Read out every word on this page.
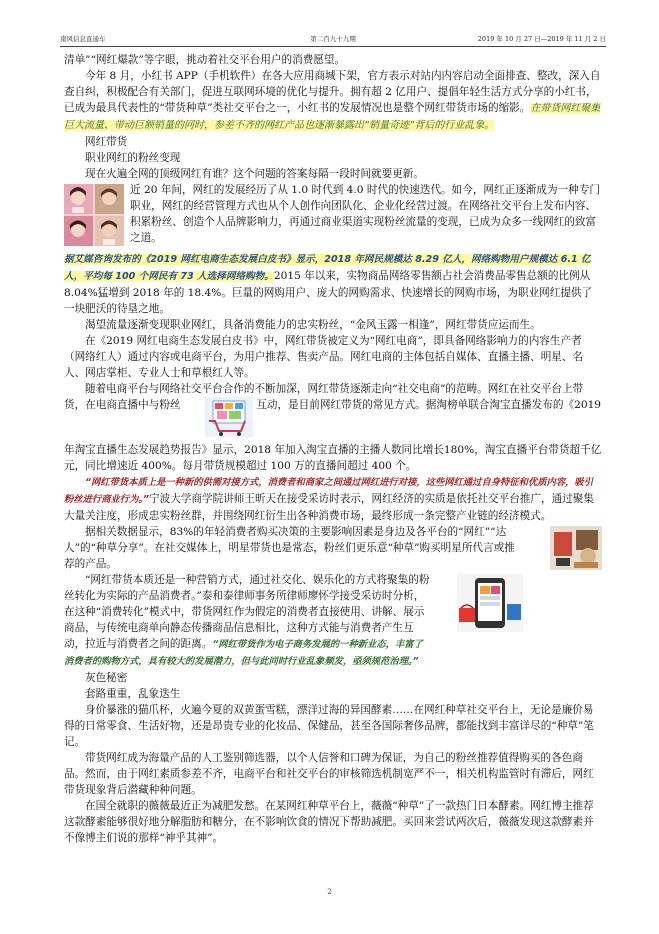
南风信息直通车	第二百九十九期	2019 年 10 月 27 日—2019 年 11 月 2 日

清单”“网红爆款”等字眼，挑动着社交平台用户的消费愿望。

今年 8 月，小红书 APP（手机软件）在各大应用商城下架，官方表示对站内内容启动全面排查、整改，深入自查自纠，积极配合有关部门，促进互联网环境的优化与提升。拥有超 2 亿用户、提倡年轻生活方式分享的小红书，已成为最具代表性的“带货种草”类社交平台之一，小红书的发展情况也是整个网红带货市场的缩影。在带货网红聚集巨大流量、带动巨额销量的同时，参差不齐的网红产品也逐渐暴露出“销量奇迹”背后的行业乱象。

网红带货

职业网红的粉丝变现

现在火遍全网的顶级网红有谁？这个问题的答案每隔一段时间就要更新。

近 20 年间，网红的发展经历了从 1.0 时代到 4.0 时代的快速迭代。如今，网红正逐渐成为一种专门职业，网红的经营管理方式也从个人创作向团队化、企业化经营过渡。在网络社交平台上发布内容、积累粉丝、创造个人品牌影响力，再通过商业渠道实现粉丝流量的变现，已成为众多一线网红的致富之道。

据艾媒咨询发布的《2019 网红电商生态发展白皮书》显示，2018 年网民规模达 8.29 亿人，网络购物用户规模达 6.1 亿人，平均每 100 个网民有 73 人选择网络购物。2015 年以来，实物商品网络零售额占社会消费品零售总额的比例从 8.04%猛增到 2018 年的 18.4%。巨量的网购用户、庞大的网购需求、快速增长的网购市场，为职业网红提供了一块肥沃的待垦之地。

渴望流量逐渐变现职业网红，具备消费能力的忠实粉丝，“金风玉露一相逢”，网红带货应运而生。

在《2019 网红电商生态发展白皮书》中，网红带货被定义为“网红电商”，即具备网络影响力的内容生产者（网络红人）通过内容或电商平台，为用户推荐、售卖产品。网红电商的主体包括自媒体、直播主播、明星、名人、网店掌柜、专业人士和草根红人等。

随着电商平台与网络社交平台合作的不断加深，网红带货逐渐走向“社交电商”的范畴。网红在社交平台上带货，在电商直播中与粉丝	互动，是目前网红带货的常见方式。据淘榜单联合淘宝直播发布的《2019 年淘宝直播生态发展趋势报告》显示，2018 年加入淘宝直播的主播人数同比增长180%，淘宝直播平台带货超千亿元，同比增速近 400%。每月带货规模超过 100 万的直播间超过 400 个。

“网红带货本质上是一种新的供需对接方式，消费者和商家之间通过网红进行对接，这些网红通过自身特征和优质内容，吸引粉丝进行商业行为。”宁波大学商学院讲师王昕天在接受采访时表示，网红经济的实质是依托社交平台推广，通过聚集大量关注度，形成忠实粉丝群，并围绕网红衍生出各种消费市场，最终形成一条完整产业链的经济模式。

据相关数据显示，83%的年轻消费者购买决策的主要影响因素是身边及各平台的“网红”“达人”的“种草分享”。在社交媒体上，明星带货也是常态，粉丝们更乐意“种草”购买明星所代言或推荐的产品。

“网红带货本质还是一种营销方式，通过社交化、娱乐化的方式将聚集的粉丝转化为实际的产品消费者。”泰和泰律师事务所律师廖怀学接受采访时分析，在这种“消费转化”模式中，带货网红作为假定的消费者直接使用、讲解、展示商品，与传统电商单向静态传播商品信息相比，这种方式能与消费者产生互动，拉近与消费者之间的距离。“网红带货作为电子商务发展的一种新业态，丰富了消费者的购物方式，具有较大的发展潜力，但与此同时行业乱象频发，亟须规范治理。”

灰色秘密

套路重重，乱象迭生

身价暴涨的猫爪杯，火遍今夏的双黄蛋雪糕，漂洋过海的异国酵素……在网红种草社交平台上，无论是廉价易得的日常零食、生活好物，还是昂贵专业的化妆品、保健品，甚至各国际奢侈品牌，都能找到丰富详尽的“种草”笔记。

带货网红成为海量产品的人工鉴别筛选器，以个人信誉和口碑为保证，为自己的粉丝推荐值得购买的各色商品。然而，由于网红素质参差不齐，电商平台和社交平台的审核筛选机制宽严不一，相关机构监管时有滞后，网红带货现象背后潜藏种种问题。

在国全就职的薇薇最近正为减肥发愁。在某网红种草平台上，薇薇“种草”了一款热门日本酵素。网红博主推荐这款酵素能够很好地分解脂肪和糖分，在不影响饮食的情况下帮助减肥。买回来尝试两次后，薇薇发现这款酵素并不像博主们说的那样“神乎其神”。

2
